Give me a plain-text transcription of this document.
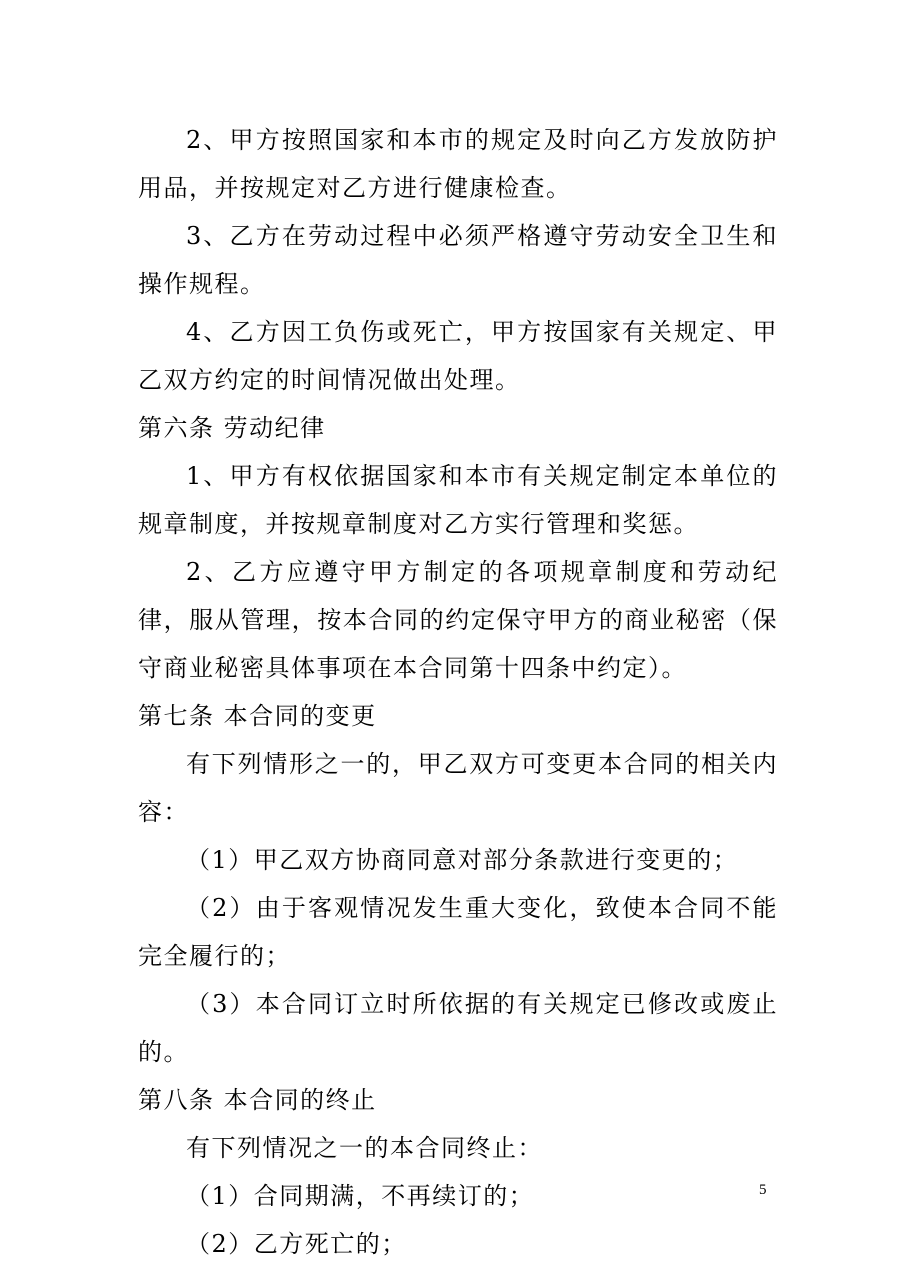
2、甲方按照国家和本市的规定及时向乙方发放防护用品，并按规定对乙方进行健康检查。

3、乙方在劳动过程中必须严格遵守劳动安全卫生和操作规程。

4、乙方因工负伤或死亡，甲方按国家有关规定、甲乙双方约定的时间情况做出处理。

第六条 劳动纪律

1、甲方有权依据国家和本市有关规定制定本单位的规章制度，并按规章制度对乙方实行管理和奖惩。

2、乙方应遵守甲方制定的各项规章制度和劳动纪律，服从管理，按本合同的约定保守甲方的商业秘密（保守商业秘密具体事项在本合同第十四条中约定）。

第七条 本合同的变更

有下列情形之一的，甲乙双方可变更本合同的相关内容：

（1）甲乙双方协商同意对部分条款进行变更的；

（2）由于客观情况发生重大变化，致使本合同不能完全履行的；

（3）本合同订立时所依据的有关规定已修改或废止的。

第八条 本合同的终止

有下列情况之一的本合同终止：

（1）合同期满，不再续订的；

（2）乙方死亡的；

5
